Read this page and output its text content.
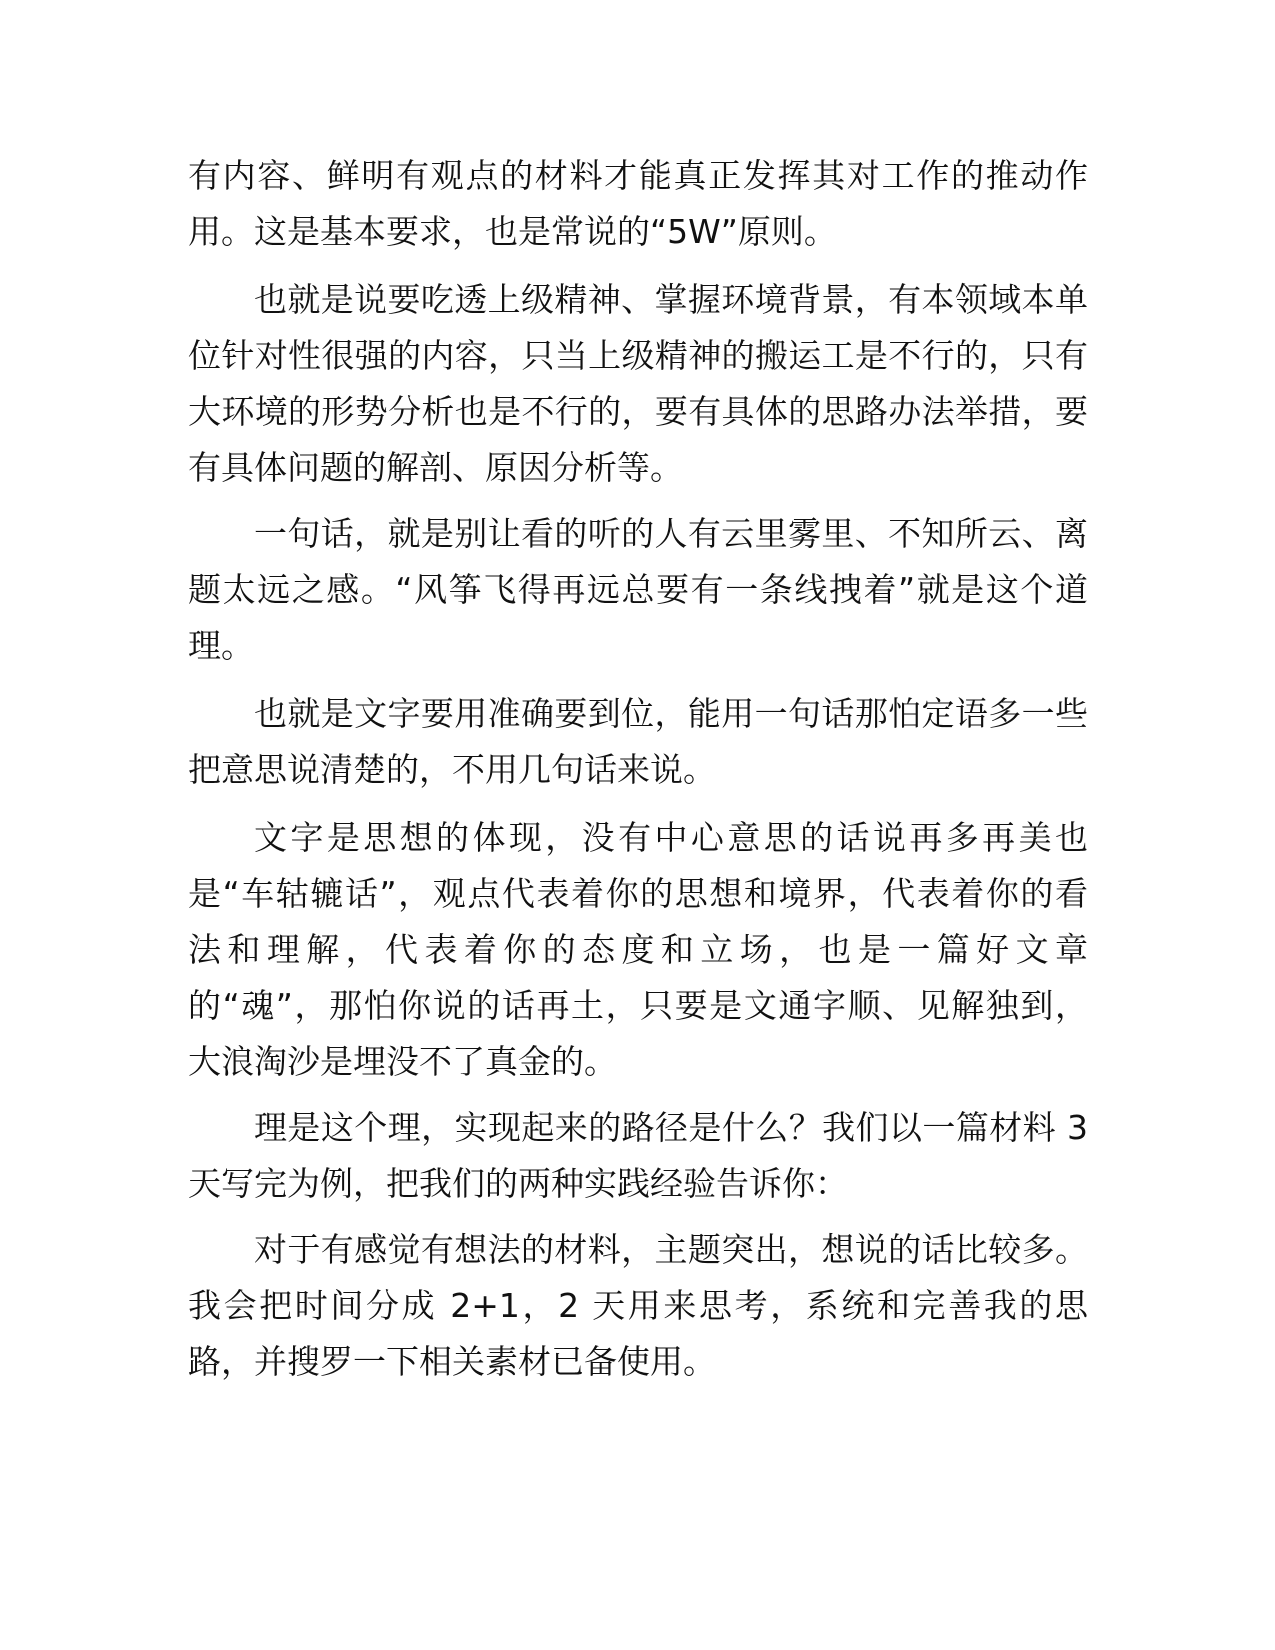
有内容、鲜明有观点的材料才能真正发挥其对工作的推动作
用。这是基本要求，也是常说的“5W”原则。
也就是说要吃透上级精神、掌握环境背景，有本领域本单
位针对性很强的内容，只当上级精神的搬运工是不行的，只有
大环境的形势分析也是不行的，要有具体的思路办法举措，要
有具体问题的解剖、原因分析等。
一句话，就是别让看的听的人有云里雾里、不知所云、离
题太远之感。“风筝飞得再远总要有一条线拽着”就是这个道
理。
也就是文字要用准确要到位，能用一句话那怕定语多一些
把意思说清楚的，不用几句话来说。
文字是思想的体现，没有中心意思的话说再多再美也
是“车轱辘话”，观点代表着你的思想和境界，代表着你的看
法和理解，代表着你的态度和立场，也是一篇好文章
的“魂”，那怕你说的话再土，只要是文通字顺、见解独到，
大浪淘沙是埋没不了真金的。
理是这个理，实现起来的路径是什么？我们以一篇材料 3
天写完为例，把我们的两种实践经验告诉你：
对于有感觉有想法的材料，主题突出，想说的话比较多。
我会把时间分成 2+1，2 天用来思考，系统和完善我的思
路，并搜罗一下相关素材已备使用。
